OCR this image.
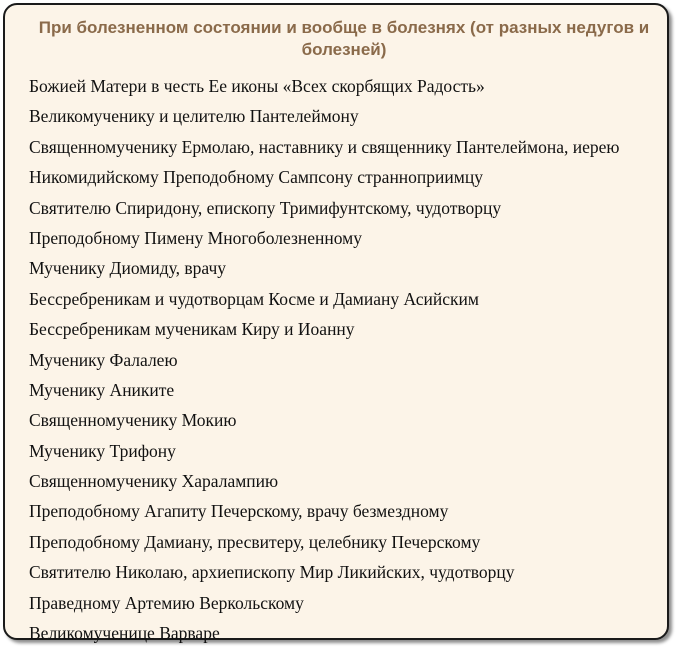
При болезненном состоянии и вообще в болезнях (от разных недугов и болезней)
Божией Матери в честь Ее иконы «Всех скорбящих Радость»
Великомученику и целителю Пантелеймону
Священномученику Ермолаю, наставнику и священнику Пантелеймона, иерею
Никомидийскому Преподобному Сампсону странноприимцу
Святителю Спиридону, епископу Тримифунтскому, чудотворцу
Преподобному Пимену Многоболезненному
Мученику Диомиду, врачу
Бессребреникам и чудотворцам Косме и Дамиану Асийским
Бессребреникам мученикам Киру и Иоанну
Мученику Фалалею
Мученику Аниките
Священномученику Мокию
Мученику Трифону
Священномученику Харалампию
Преподобному Агапиту Печерскому, врачу безмездному
Преподобному Дамиану, пресвитеру, целебнику Печерскому
Святителю Николаю, архиепископу Мир Ликийских, чудотворцу
Праведному Артемию Веркольскому
Великомученице Варваре
